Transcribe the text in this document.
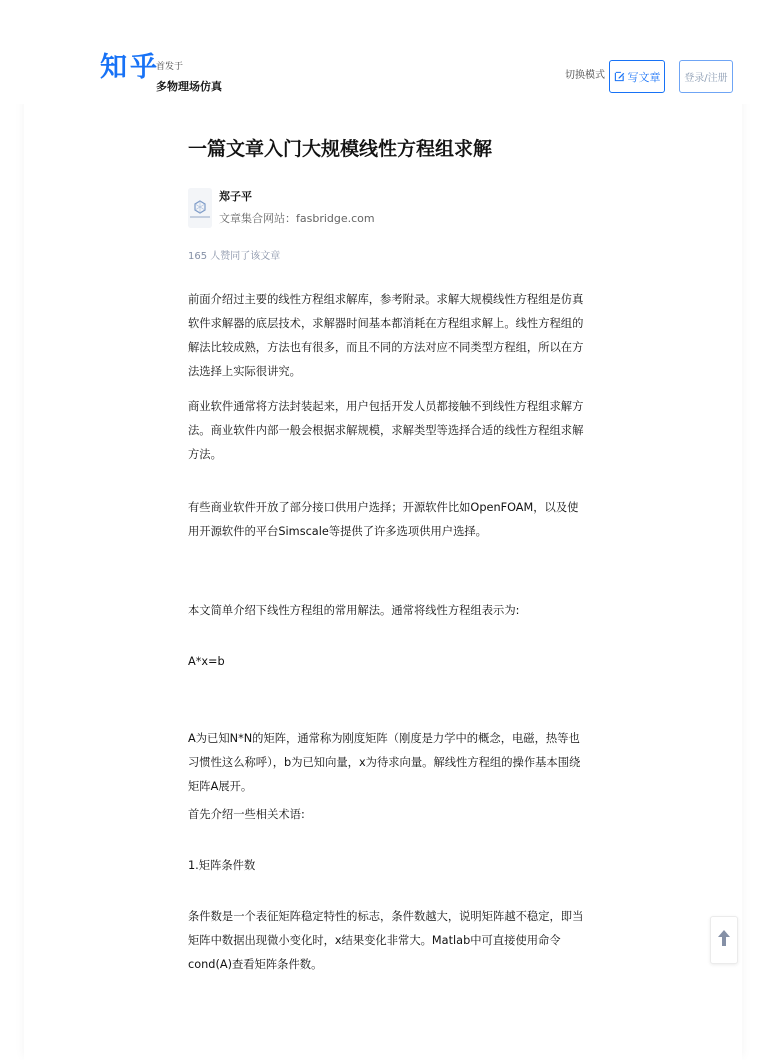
知乎
首发于
多物理场仿真
切换模式 写文章	登录/注册
一篇文章入门大规模线性方程组求解
郑子平
文章集合网站：fasbridge.com
165 人赞同了该文章

前面介绍过主要的线性方程组求解库，参考附录。求解大规模线性方程组是仿真软件求解器的底层技术，求解器时间基本都消耗在方程组求解上。线性方程组的解法比较成熟，方法也有很多，而且不同的方法对应不同类型方程组，所以在方法选择上实际很讲究。

商业软件通常将方法封装起来，用户包括开发人员都接触不到线性方程组求解方法。商业软件内部一般会根据求解规模，求解类型等选择合适的线性方程组求解方法。

有些商业软件开放了部分接口供用户选择；开源软件比如OpenFOAM，以及使用开源软件的平台Simscale等提供了许多选项供用户选择。

本文简单介绍下线性方程组的常用解法。通常将线性方程组表示为:

A*x=b

A为已知N*N的矩阵，通常称为刚度矩阵（刚度是力学中的概念，电磁，热等也习惯性这么称呼），b为已知向量，x为待求向量。解线性方程组的操作基本围绕矩阵A展开。

首先介绍一些相关术语:

1.矩阵条件数

条件数是一个表征矩阵稳定特性的标志，条件数越大，说明矩阵越不稳定，即当矩阵中数据出现微小变化时，x结果变化非常大。Matlab中可直接使用命令cond(A)查看矩阵条件数。
